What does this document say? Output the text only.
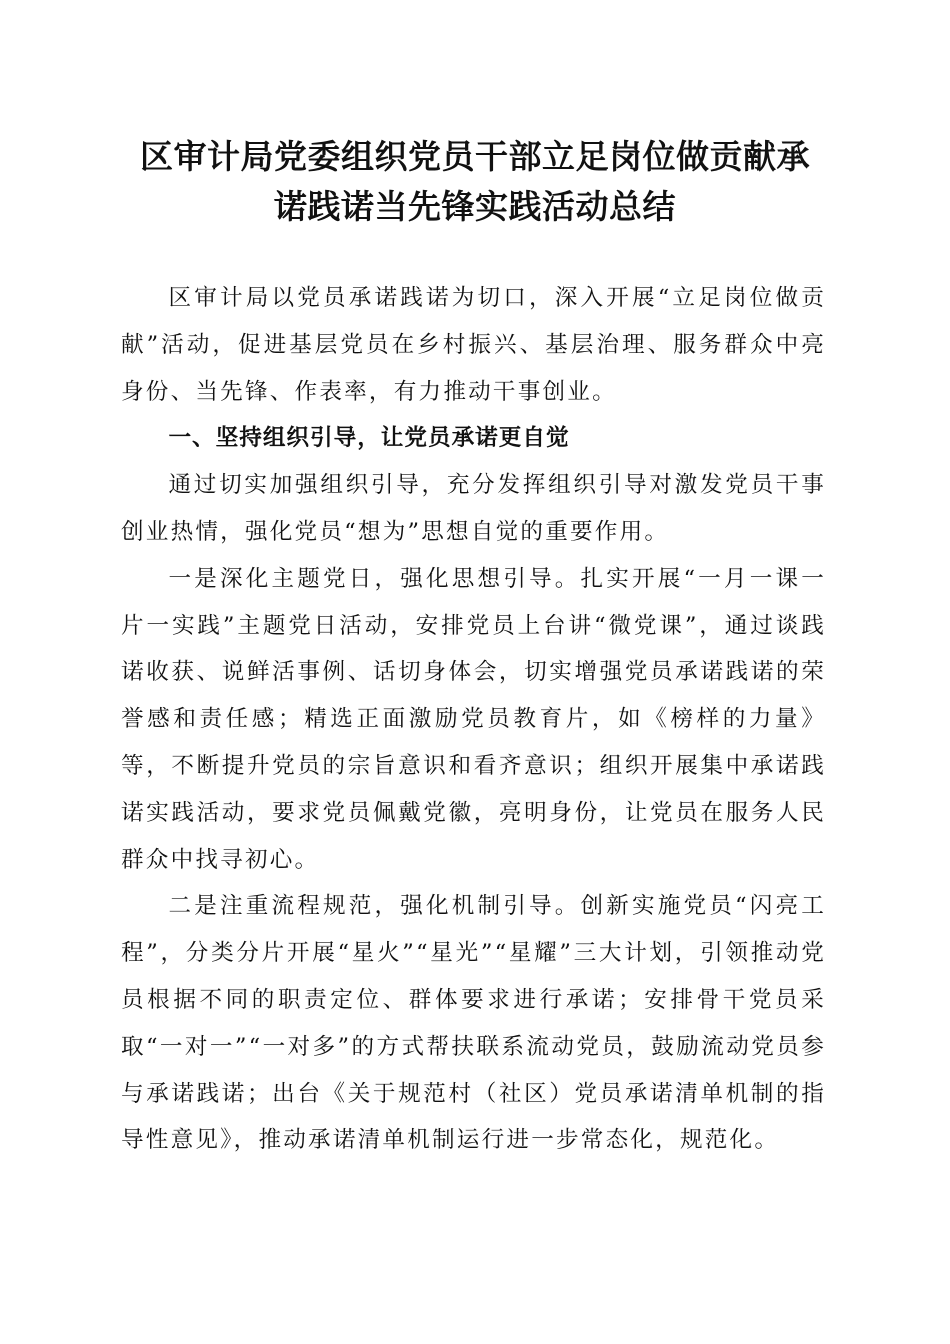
区审计局党委组织党员干部立足岗位做贡献承
诺践诺当先锋实践活动总结

区审计局以党员承诺践诺为切口，深入开展“立足岗位做贡献”活动，促进基层党员在乡村振兴、基层治理、服务群众中亮身份、当先锋、作表率，有力推动干事创业。

一、坚持组织引导，让党员承诺更自觉

通过切实加强组织引导，充分发挥组织引导对激发党员干事创业热情，强化党员“想为”思想自觉的重要作用。

一是深化主题党日，强化思想引导。扎实开展“一月一课一片一实践”主题党日活动，安排党员上台讲“微党课”，通过谈践诺收获、说鲜活事例、话切身体会，切实增强党员承诺践诺的荣誉感和责任感；精选正面激励党员教育片，如《榜样的力量》等，不断提升党员的宗旨意识和看齐意识；组织开展集中承诺践诺实践活动，要求党员佩戴党徽，亮明身份，让党员在服务人民群众中找寻初心。

二是注重流程规范，强化机制引导。创新实施党员“闪亮工程”，分类分片开展“星火”“星光”“星耀”三大计划，引领推动党员根据不同的职责定位、群体要求进行承诺；安排骨干党员采取“一对一”“一对多”的方式帮扶联系流动党员，鼓励流动党员参与承诺践诺；出台《关于规范村（社区）党员承诺清单机制的指导性意见》，推动承诺清单机制运行进一步常态化，规范化。
